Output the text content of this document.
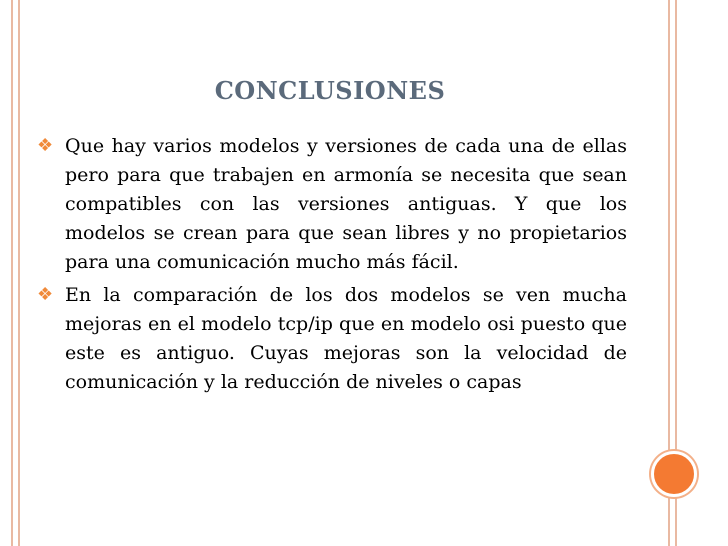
CONCLUSIONES
❖ Que hay varios modelos y versiones de cada una de ellas pero para que trabajen en armonía se necesita que sean compatibles con las versiones antiguas. Y que los modelos se crean para que sean libres y no propietarios para una comunicación mucho más fácil.
❖ En la comparación de los dos modelos se ven mucha mejoras en el modelo tcp/ip que en modelo osi puesto que este es antiguo. Cuyas mejoras son la velocidad de comunicación y la reducción de niveles o capas
